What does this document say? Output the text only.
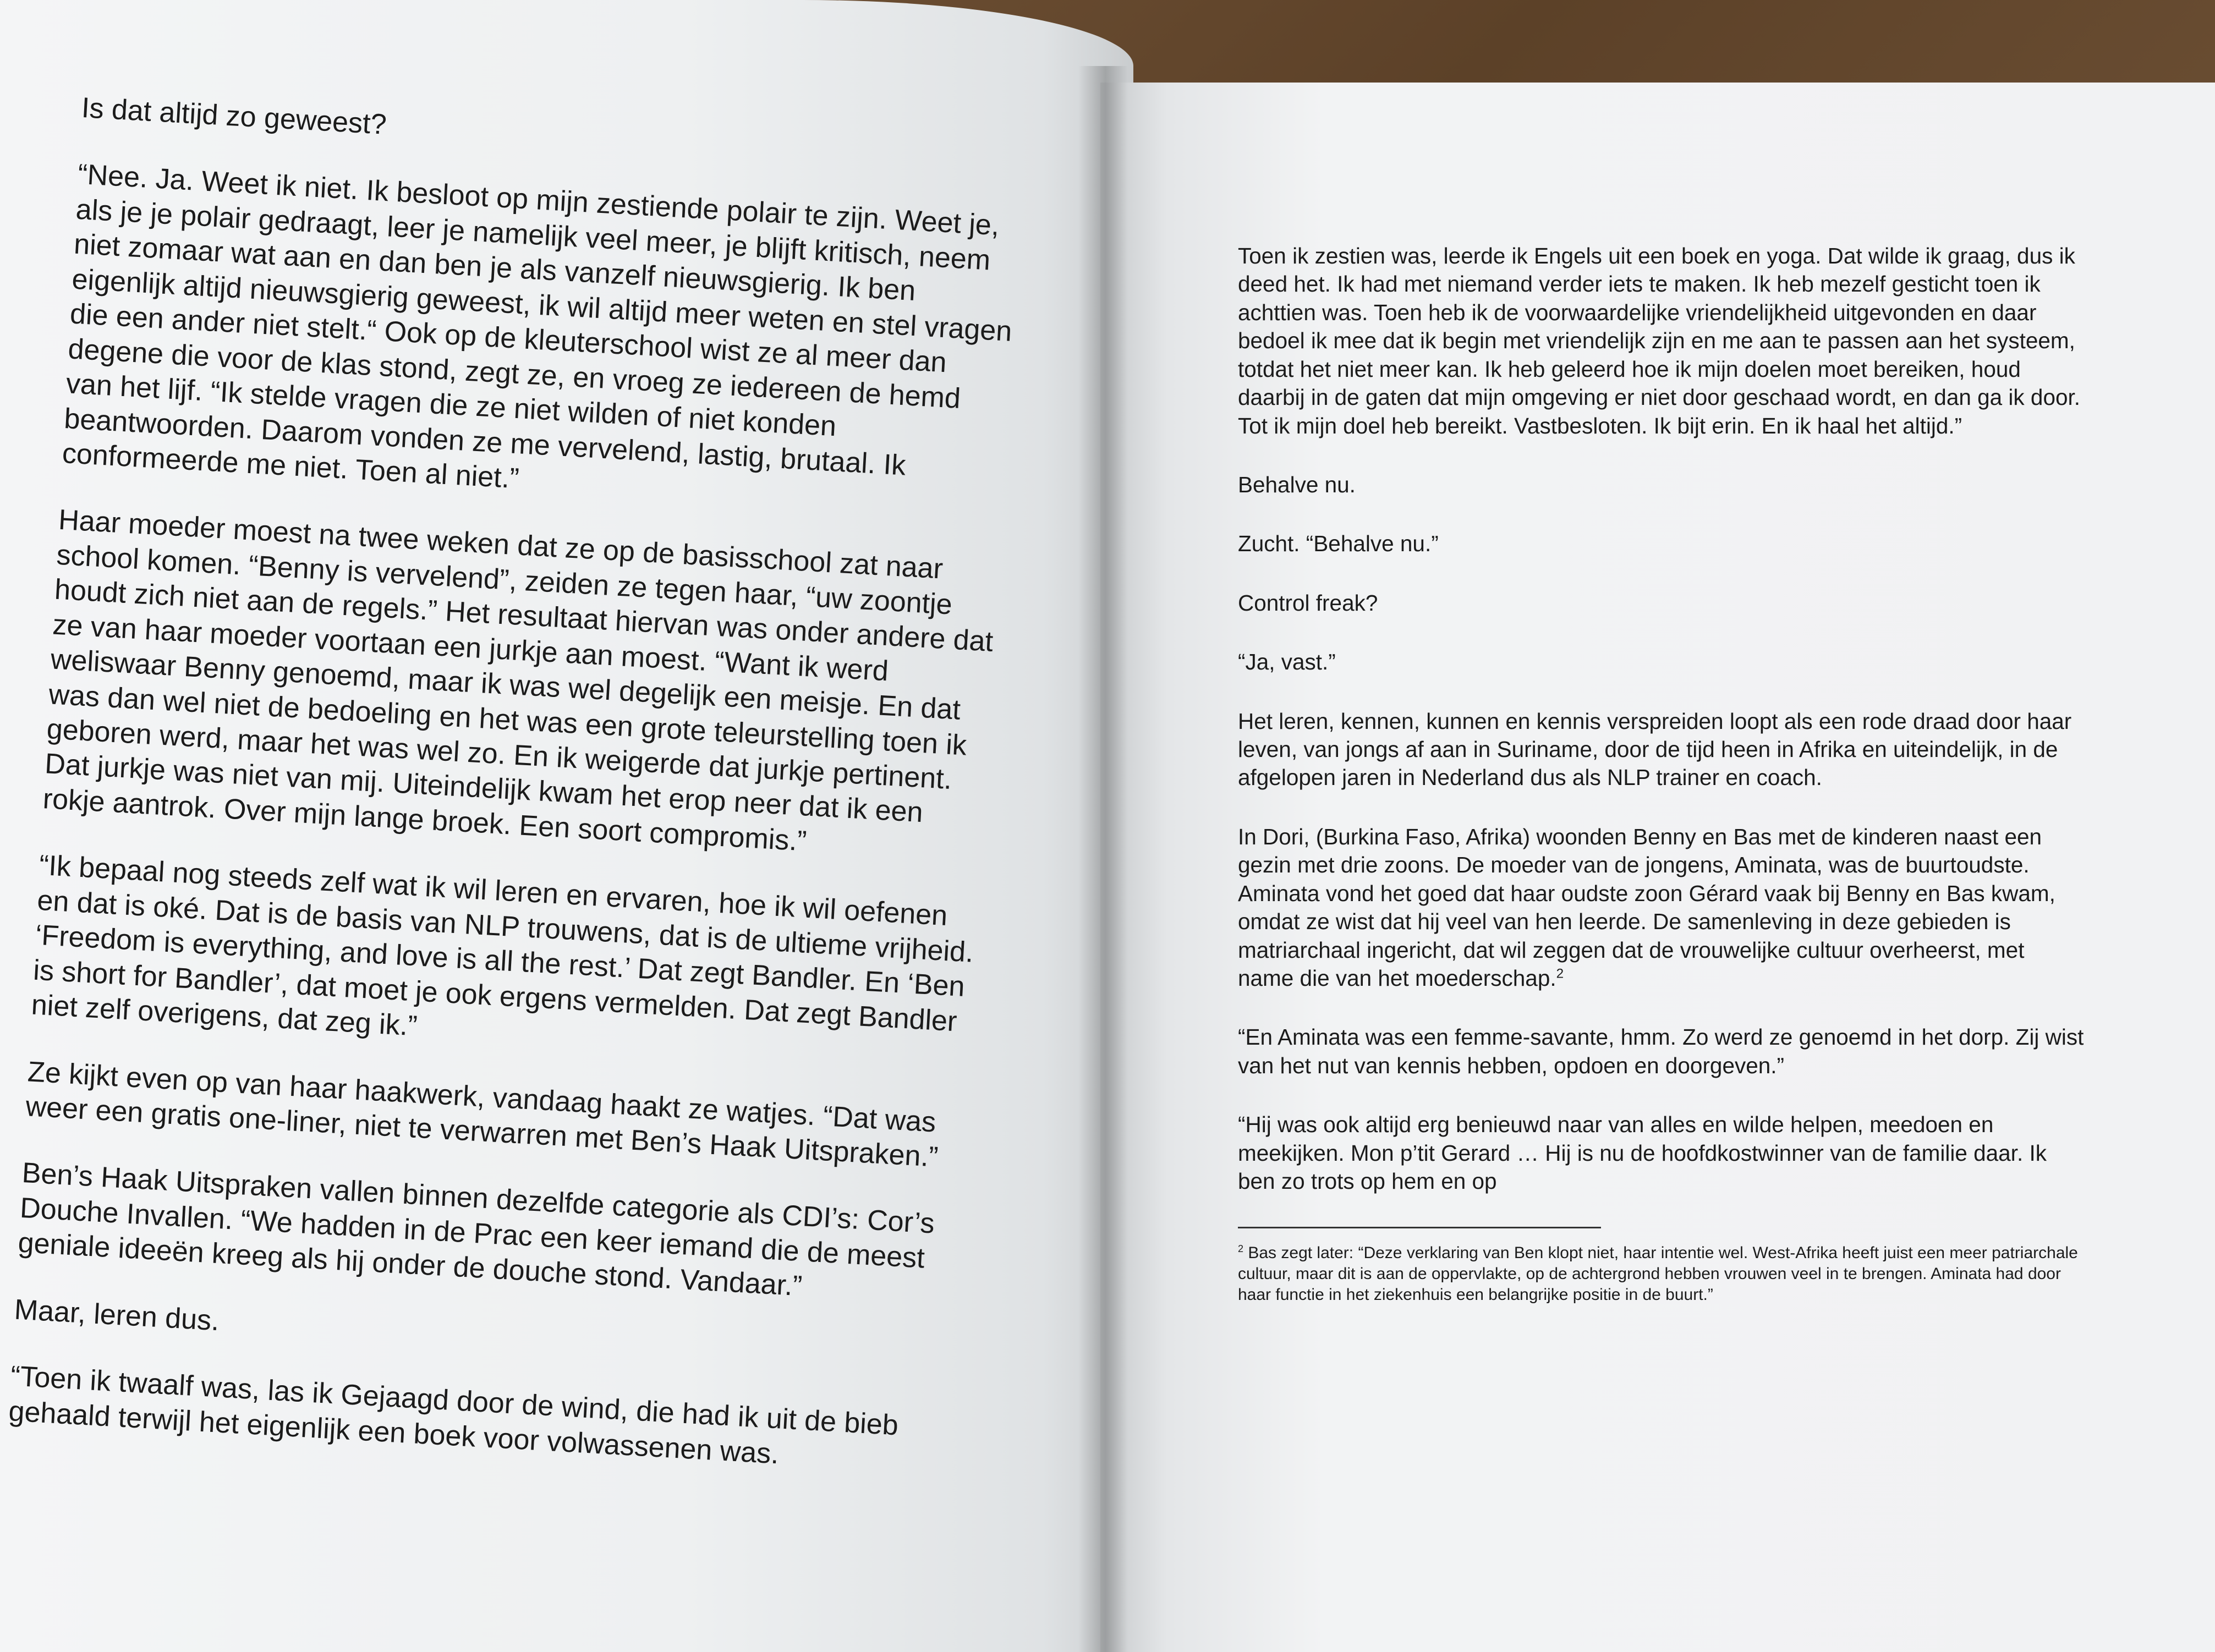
Is dat altijd zo geweest?

“Nee. Ja. Weet ik niet. Ik besloot op mijn zestiende polair te zijn. Weet je, als je je polair gedraagt, leer je namelijk veel meer, je blijft kritisch, neem niet zomaar wat aan en dan ben je als vanzelf nieuwsgierig. Ik ben eigenlijk altijd nieuwsgierig geweest, ik wil altijd meer weten en stel vragen die een ander niet stelt.“ Ook op de kleuterschool wist ze al meer dan degene die voor de klas stond, zegt ze, en vroeg ze iedereen de hemd van het lijf. “Ik stelde vragen die ze niet wilden of niet konden beantwoorden. Daarom vonden ze me vervelend, lastig, brutaal. Ik conformeerde me niet. Toen al niet.”

Haar moeder moest na twee weken dat ze op de basisschool zat naar school komen. “Benny is vervelend”, zeiden ze tegen haar, “uw zoontje houdt zich niet aan de regels.” Het resultaat hiervan was onder andere dat ze van haar moeder voortaan een jurkje aan moest. “Want ik werd weliswaar Benny genoemd, maar ik was wel degelijk een meisje. En dat was dan wel niet de bedoeling en het was een grote teleurstelling toen ik geboren werd, maar het was wel zo. En ik weigerde dat jurkje pertinent. Dat jurkje was niet van mij. Uiteindelijk kwam het erop neer dat ik een rokje aantrok. Over mijn lange broek. Een soort compromis.”

“Ik bepaal nog steeds zelf wat ik wil leren en ervaren, hoe ik wil oefenen en dat is oké. Dat is de basis van NLP trouwens, dat is de ultieme vrijheid. ‘Freedom is everything, and love is all the rest.’ Dat zegt Bandler. En ‘Ben is short for Bandler’, dat moet je ook ergens vermelden. Dat zegt Bandler niet zelf overigens, dat zeg ik.”

Ze kijkt even op van haar haakwerk, vandaag haakt ze watjes. “Dat was weer een gratis one-liner, niet te verwarren met Ben’s Haak Uitspraken.”

Ben’s Haak Uitspraken vallen binnen dezelfde categorie als CDI’s: Cor’s Douche Invallen. “We hadden in de Prac een keer iemand die de meest geniale ideeën kreeg als hij onder de douche stond. Vandaar.”

Maar, leren dus.

“Toen ik twaalf was, las ik Gejaagd door de wind, die had ik uit de bieb gehaald terwijl het eigenlijk een boek voor volwassenen was.

Toen ik zestien was, leerde ik Engels uit een boek en yoga. Dat wilde ik graag, dus ik deed het. Ik had met niemand verder iets te maken. Ik heb mezelf gesticht toen ik achttien was. Toen heb ik de voorwaardelijke vriendelijkheid uitgevonden en daar bedoel ik mee dat ik begin met vriendelijk zijn en me aan te passen aan het systeem, totdat het niet meer kan. Ik heb geleerd hoe ik mijn doelen moet bereiken, houd daarbij in de gaten dat mijn omgeving er niet door geschaad wordt, en dan ga ik door. Tot ik mijn doel heb bereikt. Vastbesloten. Ik bijt erin. En ik haal het altijd.”

Behalve nu.

Zucht. “Behalve nu.”

Control freak?

“Ja, vast.”

Het leren, kennen, kunnen en kennis verspreiden loopt als een rode draad door haar leven, van jongs af aan in Suriname, door de tijd heen in Afrika en uiteindelijk, in de afgelopen jaren in Nederland dus als NLP trainer en coach.

In Dori, (Burkina Faso, Afrika) woonden Benny en Bas met de kinderen naast een gezin met drie zoons. De moeder van de jongens, Aminata, was de buurtoudste. Aminata vond het goed dat haar oudste zoon Gérard vaak bij Benny en Bas kwam, omdat ze wist dat hij veel van hen leerde. De samenleving in deze gebieden is matriarchaal ingericht, dat wil zeggen dat de vrouwelijke cultuur overheerst, met name die van het moederschap.$^2$

“En Aminata was een femme-savante, hmm. Zo werd ze genoemd in het dorp. Zij wist van het nut van kennis hebben, opdoen en doorgeven.”

“Hij was ook altijd erg benieuwd naar van alles en wilde helpen, meedoen en meekijken. Mon p’tit Gerard … Hij is nu de hoofdkostwinner van de familie daar. Ik ben zo trots op hem en op

$^2$ Bas zegt later: “Deze verklaring van Ben klopt niet, haar intentie wel. West-Afrika heeft juist een meer patriarchale cultuur, maar dit is aan de oppervlakte, op de achtergrond hebben vrouwen veel in te brengen. Aminata had door haar functie in het ziekenhuis een belangrijke positie in de buurt.”
